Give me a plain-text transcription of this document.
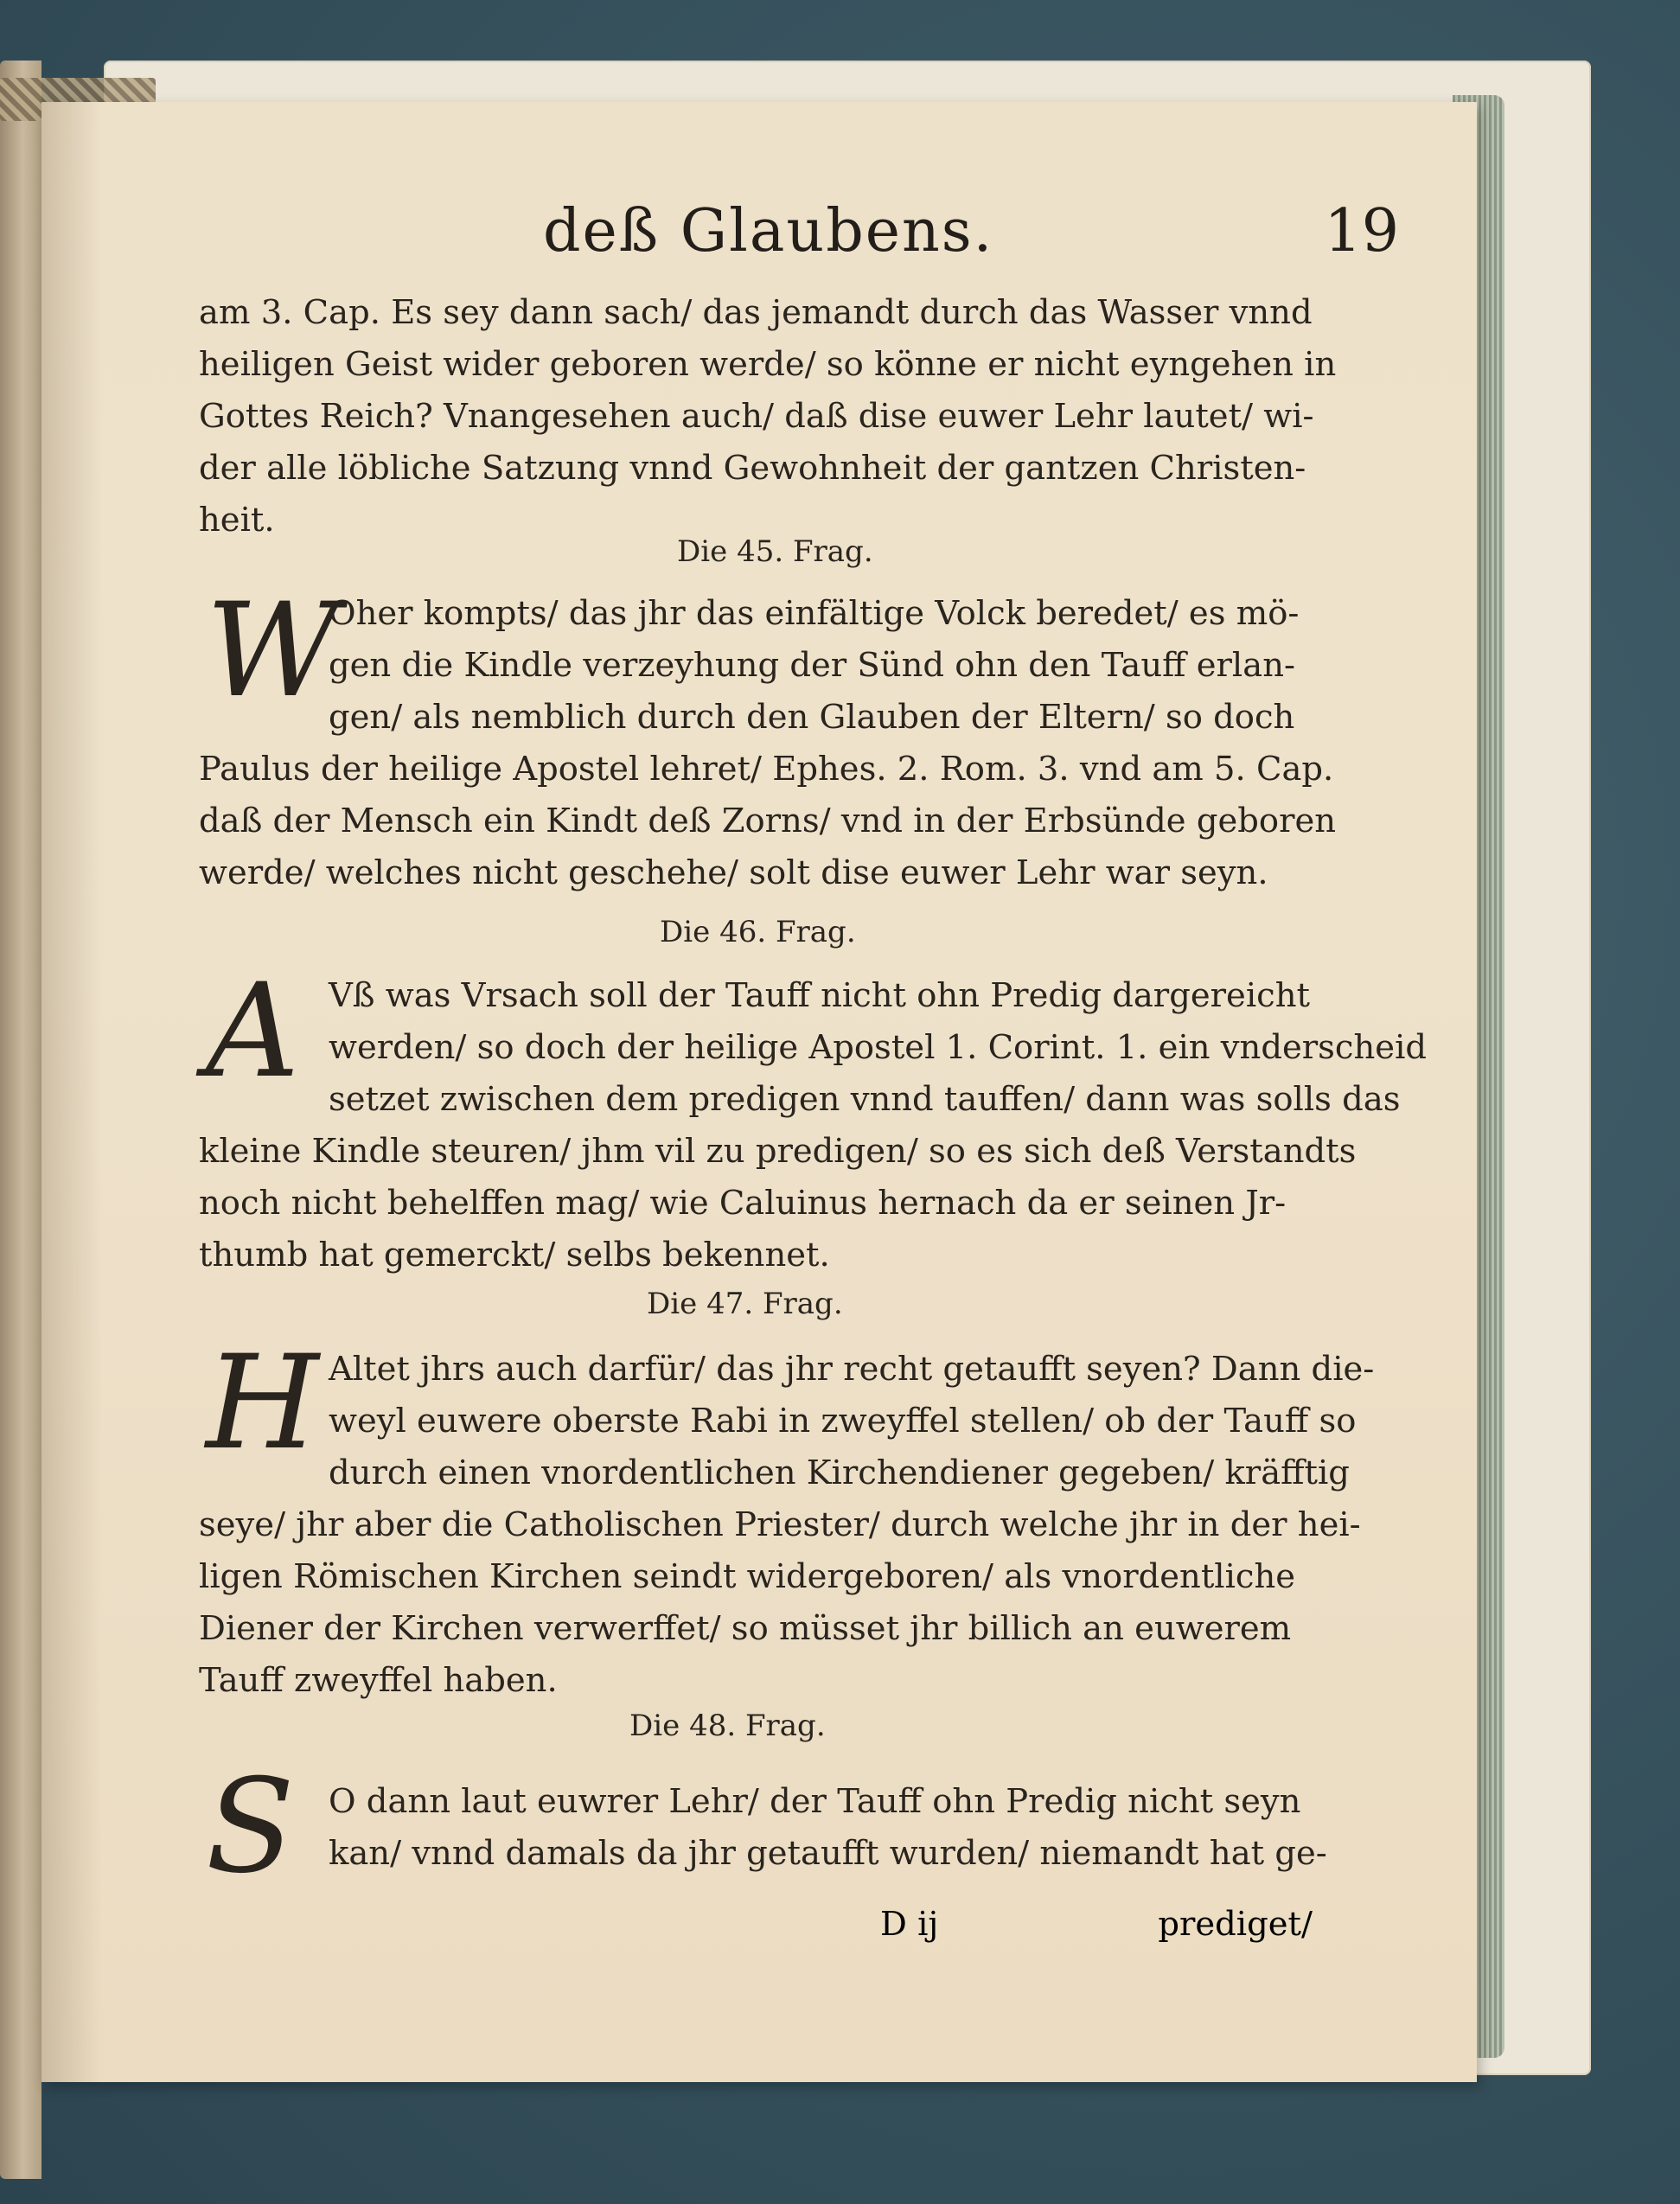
deß Glaubens.	19
am 3. Cap. Es sey dann sach/ das jemandt durch das Wasser vnnd
heiligen Geist wider geboren werde/ so könne er nicht eyngehen in
Gottes Reich? Vnangesehen auch/ daß dise euwer Lehr lautet/ wi-
der alle löbliche Satzung vnnd Gewohnheit der gantzen Christen-
heit.
Die 45. Frag.
W
Oher kompts/ das jhr das einfältige Volck beredet/ es mö-
gen die Kindle verzeyhung der Sünd ohn den Tauff erlan-
gen/ als nemblich durch den Glauben der Eltern/ so doch
Paulus der heilige Apostel lehret/ Ephes. 2. Rom. 3. vnd am 5. Cap.
daß der Mensch ein Kindt deß Zorns/ vnd in der Erbsünde geboren
werde/ welches nicht geschehe/ solt dise euwer Lehr war seyn.
Die 46. Frag.
A Vß was Vrsach soll der Tauff nicht ohn Predig dargereicht
werden/ so doch der heilige Apostel 1. Corint. 1. ein vnderscheid
setzet zwischen dem predigen vnnd tauffen/ dann was solls das
kleine Kindle steuren/ jhm vil zu predigen/ so es sich deß Verstandts
noch nicht behelffen mag/ wie Caluinus hernach da er seinen Jr-
thumb hat gemerckt/ selbs bekennet.
Die 47. Frag.
H Altet jhrs auch darfür/ das jhr recht getaufft seyen? Dann die-
weyl euwere oberste Rabi in zweyffel stellen/ ob der Tauff so
durch einen vnordentlichen Kirchendiener gegeben/ kräfftig
seye/ jhr aber die Catholischen Priester/ durch welche jhr in der hei-
ligen Römischen Kirchen seindt widergeboren/ als vnordentliche
Diener der Kirchen verwerffet/ so müsset jhr billich an euwerem
Tauff zweyffel haben.
Die 48. Frag.
S	O dann laut euwrer Lehr/ der Tauff ohn Predig nicht seyn
kan/ vnnd damals da jhr getaufft wurden/ niemandt hat ge-
D ij	prediget/
